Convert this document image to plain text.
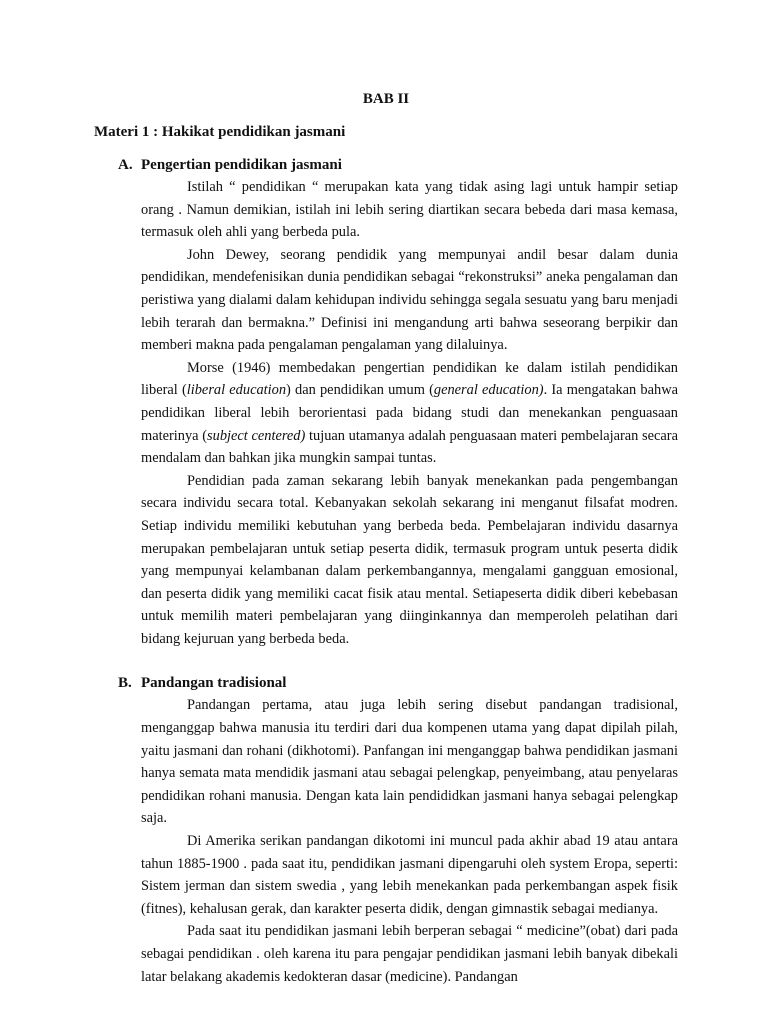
BAB II

Materi 1 : Hakikat pendidikan jasmani

A. Pengertian pendidikan jasmani

Istilah “ pendidikan “ merupakan kata yang tidak asing lagi untuk hampir setiap orang . Namun demikian, istilah ini lebih sering diartikan secara bebeda dari masa kemasa, termasuk oleh ahli yang berbeda pula.

John Dewey, seorang pendidik yang mempunyai andil besar dalam dunia pendidikan, mendefenisikan dunia pendidikan sebagai “rekonstruksi” aneka pengalaman dan peristiwa yang dialami dalam kehidupan individu sehingga segala sesuatu yang baru menjadi lebih terarah dan bermakna.” Definisi ini mengandung arti bahwa seseorang berpikir dan memberi makna pada pengalaman pengalaman yang dilaluinya.

Morse (1946) membedakan pengertian pendidikan ke dalam istilah pendidikan liberal (liberal education) dan pendidikan umum (general education). Ia mengatakan bahwa pendidikan liberal lebih berorientasi pada bidang studi dan menekankan penguasaan materinya (subject centered) tujuan utamanya adalah penguasaan materi pembelajaran secara mendalam dan bahkan jika mungkin sampai tuntas.

Pendidian pada zaman sekarang lebih banyak menekankan pada pengembangan secara individu secara total. Kebanyakan sekolah sekarang ini menganut filsafat modren. Setiap individu memiliki kebutuhan yang berbeda beda. Pembelajaran individu dasarnya merupakan pembelajaran untuk setiap peserta didik, termasuk program untuk peserta didik yang mempunyai kelambanan dalam perkembangannya, mengalami gangguan emosional, dan peserta didik yang memiliki cacat fisik atau mental. Setiapeserta didik diberi kebebasan untuk memilih materi pembelajaran yang diinginkannya dan memperoleh pelatihan dari bidang kejuruan yang berbeda beda.

B. Pandangan tradisional

Pandangan pertama, atau juga lebih sering disebut pandangan tradisional, menganggap bahwa manusia itu terdiri dari dua kompenen utama yang dapat dipilah pilah, yaitu jasmani dan rohani (dikhotomi). Panfangan ini menganggap bahwa pendidikan jasmani hanya semata mata mendidik jasmani atau sebagai pelengkap, penyeimbang, atau penyelaras pendidikan rohani manusia. Dengan kata lain pendididkan jasmani hanya sebagai pelengkap saja.

Di Amerika serikan pandangan dikotomi ini muncul pada akhir abad 19 atau antara tahun 1885-1900 . pada saat itu, pendidikan jasmani dipengaruhi oleh system Eropa, seperti: Sistem jerman dan sistem swedia , yang lebih menekankan pada perkembangan aspek fisik (fitnes), kehalusan gerak, dan karakter peserta didik, dengan gimnastik sebagai medianya.

Pada saat itu pendidikan jasmani lebih berperan sebagai “ medicine”(obat) dari pada sebagai pendidikan . oleh karena itu para pengajar pendidikan jasmani lebih banyak dibekali latar belakang akademis kedokteran dasar (medicine). Pandangan
